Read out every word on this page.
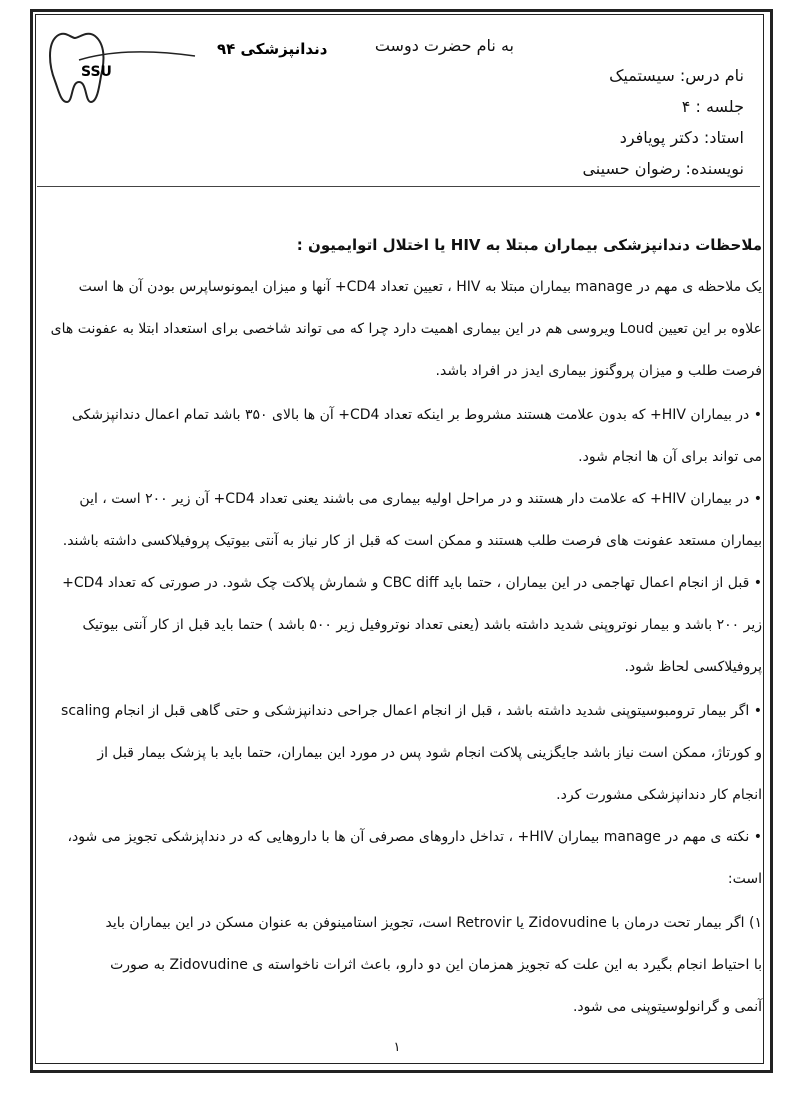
دندانپزشکی ۹۴
SSU
به نام حضرت دوست
نام درس: سیستمیک
جلسه : ۴
استاد: دکتر پویافرد
نویسنده: رضوان حسینی
ملاحظات دندانپزشکی بیماران مبتلا به HIV یا اختلال اتوایمیون :
یک ملاحظه ی مهم در manage بیماران مبتلا به HIV ، تعیین تعداد CD4+ آنها و میزان ایمونوساپرس بودن آن ها است
علاوه بر این تعیین Loud ویروسی هم در این بیماری اهمیت دارد چرا که می تواند شاخصی برای استعداد ابتلا به عفونت های
فرصت طلب و میزان پروگنوز بیماری ایدز در افراد باشد.
• در بیماران HIV+ که بدون علامت هستند مشروط بر اینکه تعداد CD4+ آن ها بالای ۳۵۰ باشد تمام اعمال دندانپزشکی
می تواند برای آن ها انجام شود.
• در بیماران HIV+ که علامت دار هستند و در مراحل اولیه بیماری می باشند یعنی تعداد CD4+ آن زیر ۲۰۰ است ، این
بیماران مستعد عفونت های فرصت طلب هستند و ممکن است که قبل از کار نیاز به آنتی بیوتیک پروفیلاکسی داشته باشند.
• قبل از انجام اعمال تهاجمی در این بیماران ، حتما باید CBC diff و شمارش پلاکت چک شود. در صورتی که تعداد CD4+
زیر ۲۰۰ باشد و بیمار نوتروپنی شدید داشته باشد (یعنی تعداد نوتروفیل زیر ۵۰۰ باشد ) حتما باید قبل از کار آنتی بیوتیک
پروفیلاکسی لحاظ شود.
• اگر بیمار ترومبوسیتوپنی شدید داشته باشد ، قبل از انجام اعمال جراحی دندانپزشکی و حتی گاهی قبل از انجام scaling
و کورتاژ، ممکن است نیاز باشد جایگزینی پلاکت انجام شود پس در مورد این بیماران، حتما باید با پزشک بیمار قبل از
انجام کار دندانپزشکی مشورت کرد.
• نکته ی مهم در manage بیماران HIV+ ، تداخل داروهای مصرفی آن ها با داروهایی که در دنداپزشکی تجویز می شود،
است:
۱) اگر بیمار تحت درمان با Zidovudine یا Retrovir است، تجویز استامینوفن به عنوان مسکن در این بیماران باید
با احتیاط انجام بگیرد به این علت که تجویز همزمان این دو دارو، باعث اثرات ناخواسته ی Zidovudine به صورت
آنمی و گرانولوسیتوپنی می شود.
۱
